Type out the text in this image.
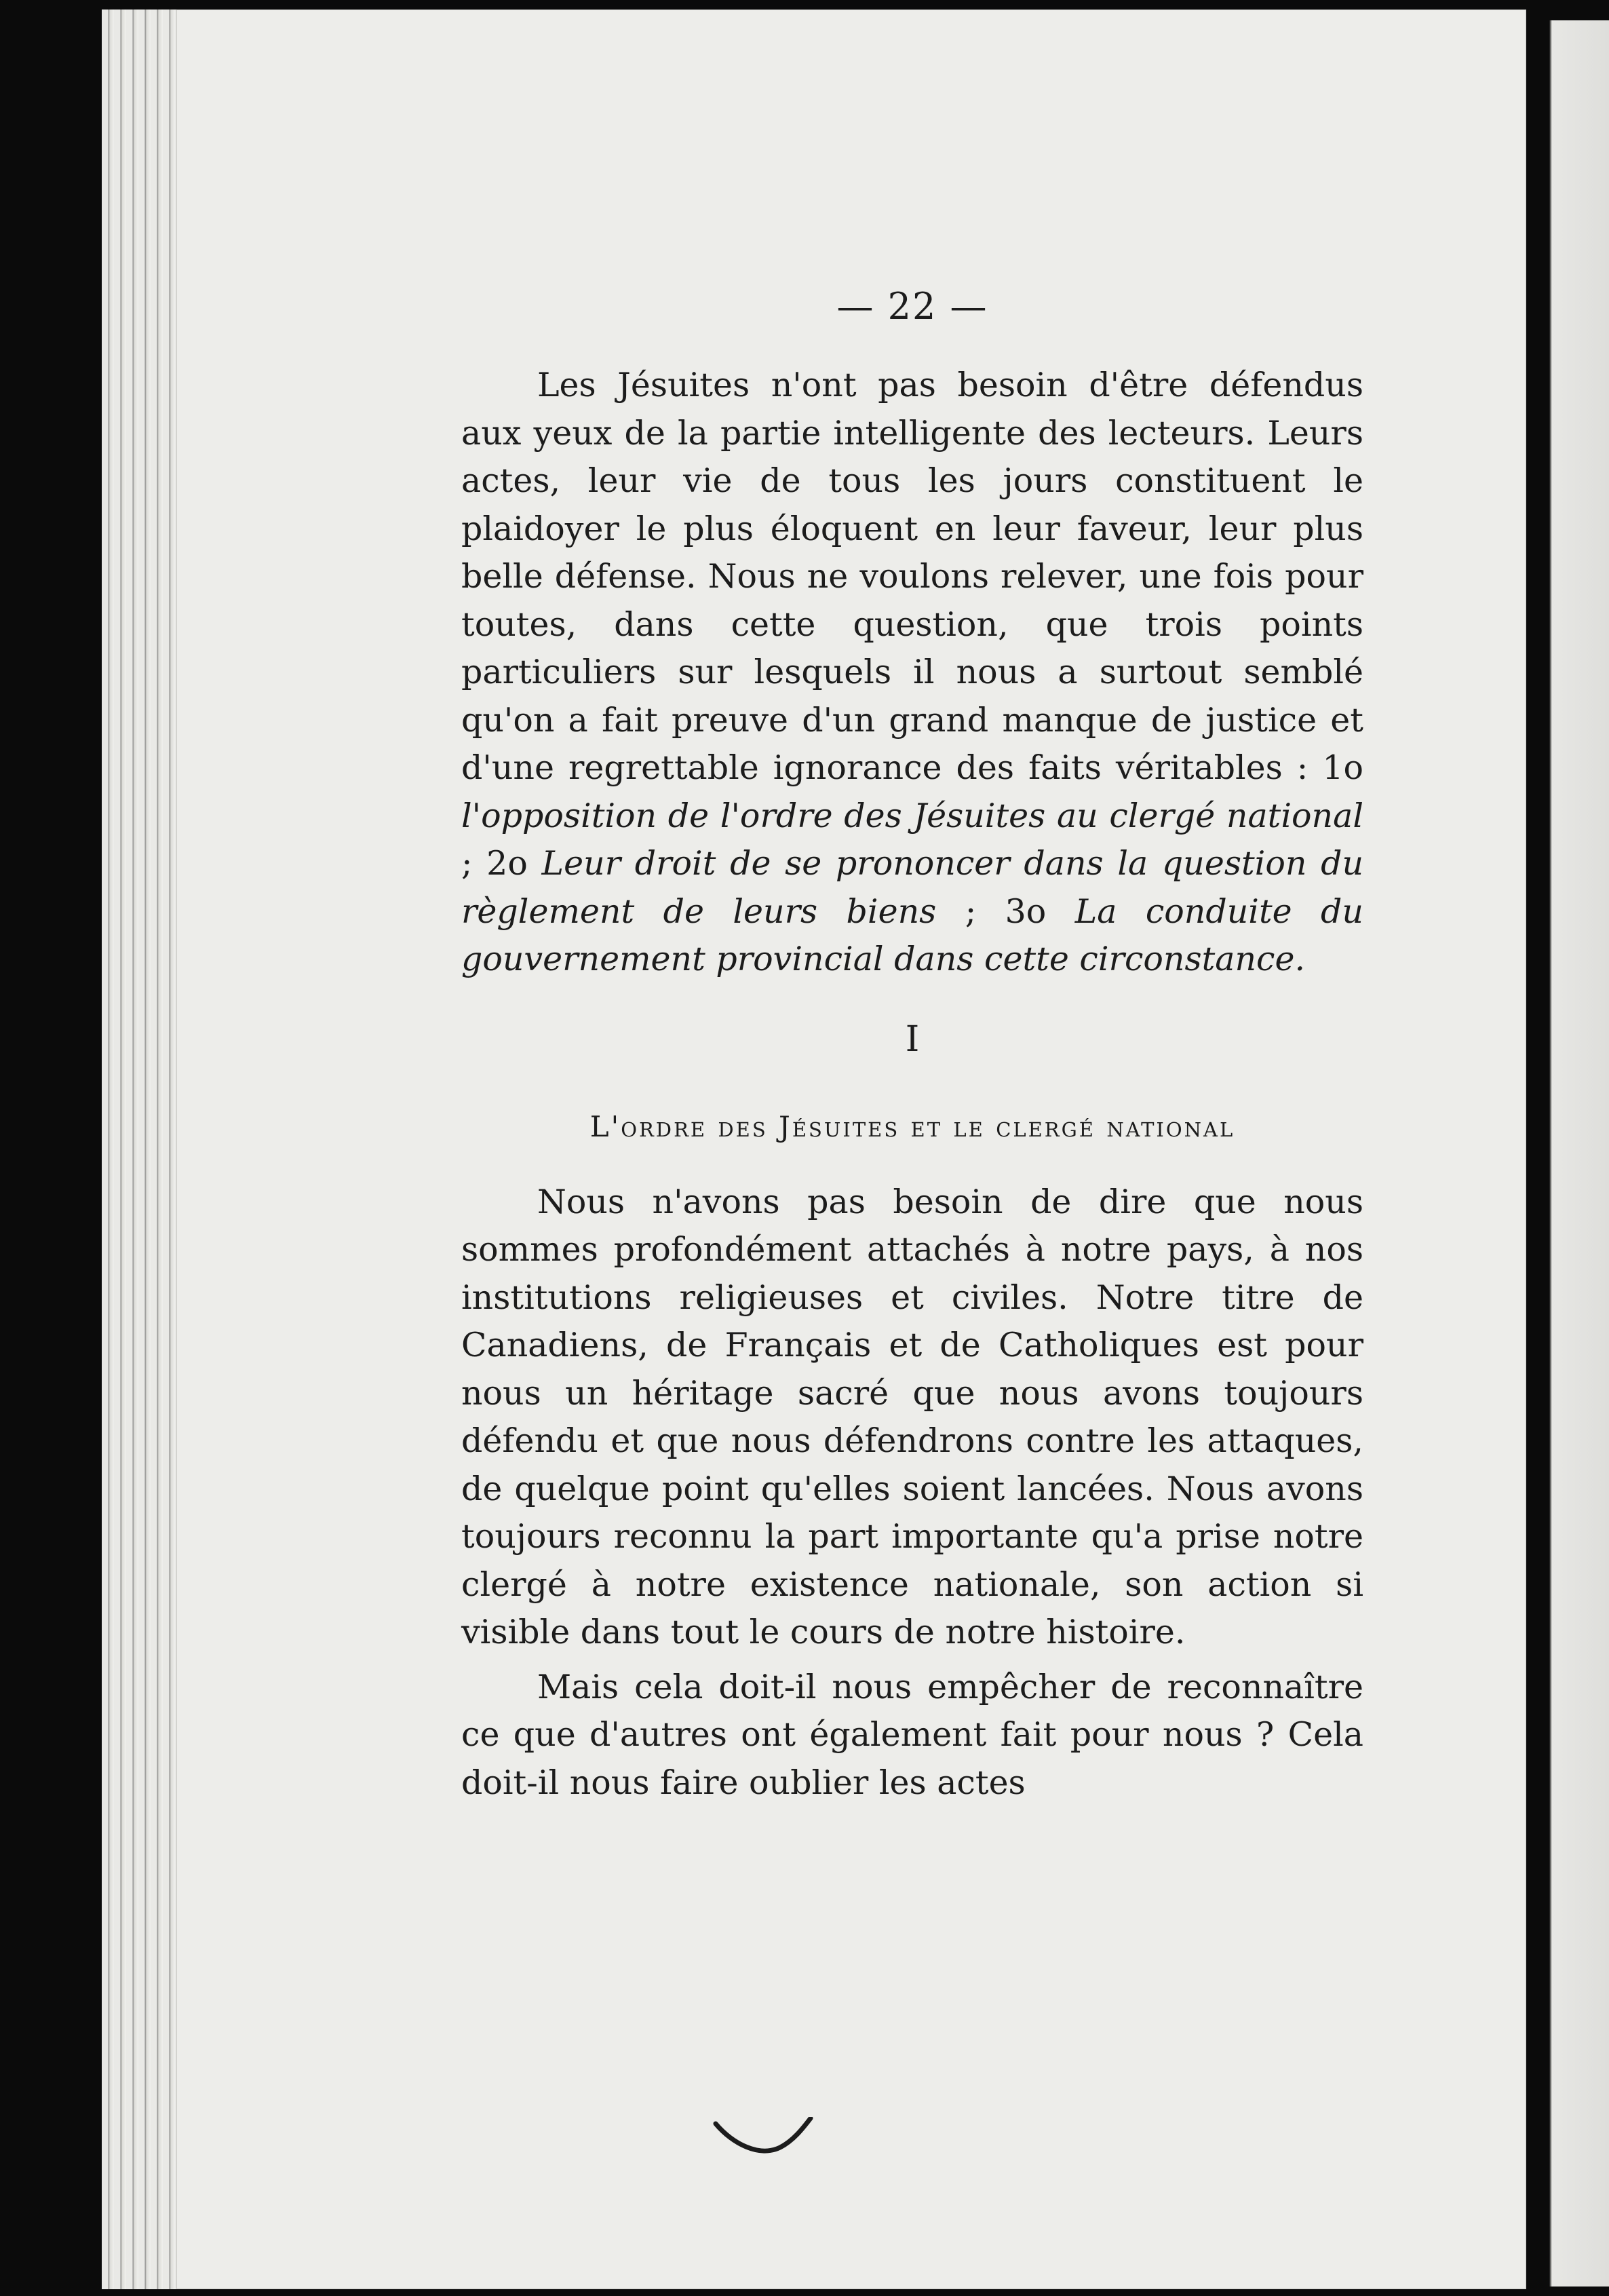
— 22 —

Les Jésuites n'ont pas besoin d'être défendus aux yeux de la partie intelligente des lecteurs. Leurs actes, leur vie de tous les jours constituent le plaidoyer le plus éloquent en leur faveur, leur plus belle défense. Nous ne voulons relever, une fois pour toutes, dans cette question, que trois points particuliers sur lesquels il nous a surtout semblé qu'on a fait preuve d'un grand manque de justice et d'une regrettable ignorance des faits véritables : 1o l'opposition de l'ordre des Jésuites au clergé national ; 2o Leur droit de se prononcer dans la question du règlement de leurs biens ; 3o La conduite du gouvernement provincial dans cette circonstance.

I
L'ordre des Jésuites et le clergé national

Nous n'avons pas besoin de dire que nous sommes profondément attachés à notre pays, à nos institutions religieuses et civiles. Notre titre de Canadiens, de Français et de Catholiques est pour nous un héritage sacré que nous avons toujours défendu et que nous défendrons contre les attaques, de quelque point qu'elles soient lancées. Nous avons toujours reconnu la part importante qu'a prise notre clergé à notre existence nationale, son action si visible dans tout le cours de notre histoire.

Mais cela doit-il nous empêcher de reconnaître ce que d'autres ont également fait pour nous ? Cela doit-il nous faire oublier les actes
